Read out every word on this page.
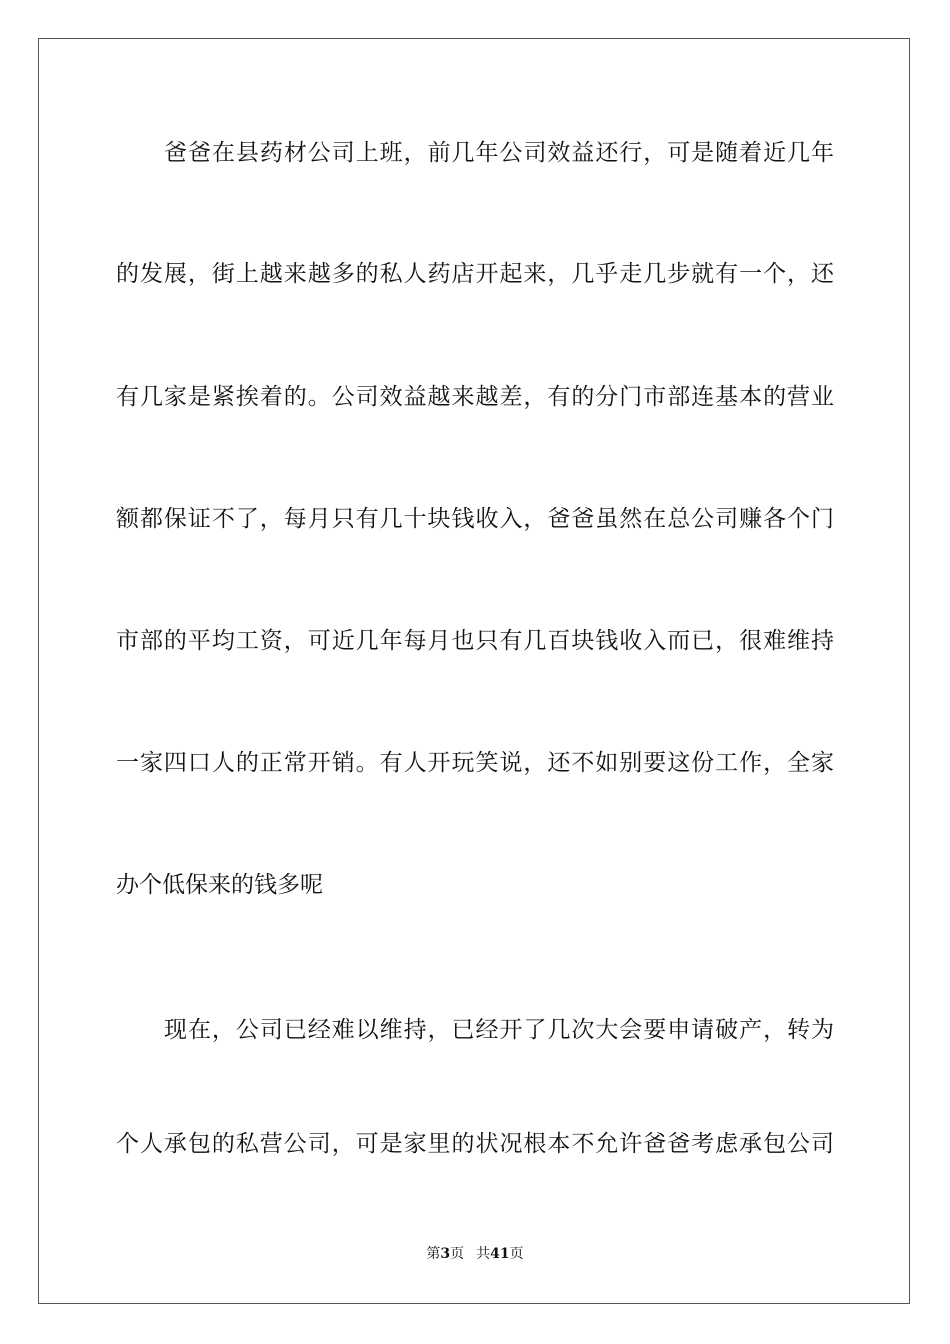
爸爸在县药材公司上班，前几年公司效益还行，可是随着近几年
的发展，街上越来越多的私人药店开起来，几乎走几步就有一个，还
有几家是紧挨着的。公司效益越来越差，有的分门市部连基本的营业
额都保证不了，每月只有几十块钱收入，爸爸虽然在总公司赚各个门
市部的平均工资，可近几年每月也只有几百块钱收入而已，很难维持
一家四口人的正常开销。有人开玩笑说，还不如别要这份工作，全家
办个低保来的钱多呢
现在，公司已经难以维持，已经开了几次大会要申请破产，转为
个人承包的私营公司，可是家里的状况根本不允许爸爸考虑承包公司
第3页 共41页
